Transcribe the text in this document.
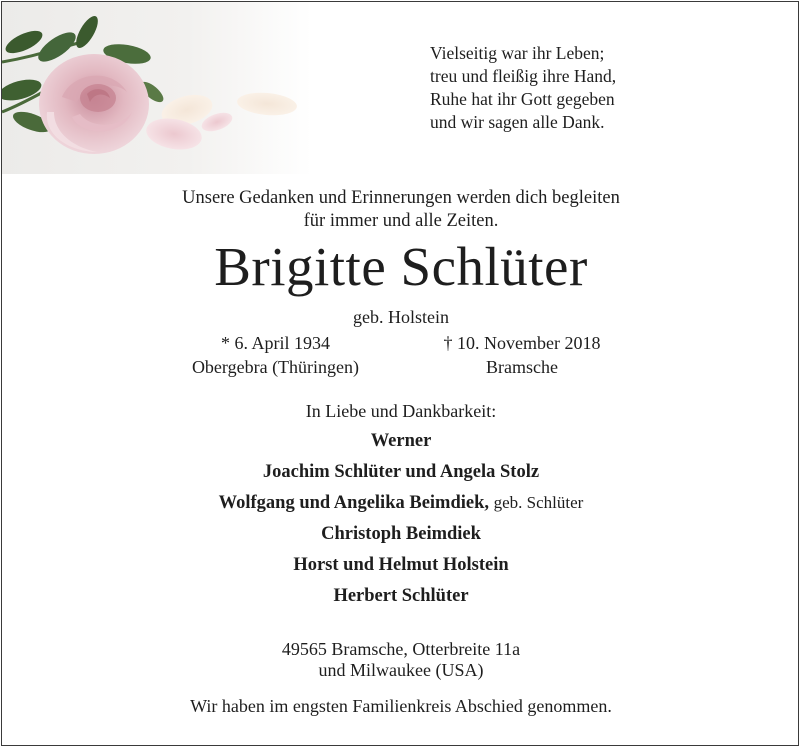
Vielseitig war ihr Leben;
treu und fleißig ihre Hand,
Ruhe hat ihr Gott gegeben
und wir sagen alle Dank.
Unsere Gedanken und Erinnerungen werden dich begleiten
für immer und alle Zeiten.
Brigitte Schlüter
geb. Holstein
* 6. April 1934
Obergebra (Thüringen)
† 10. November 2018
Bramsche
In Liebe und Dankbarkeit:
Werner
Joachim Schlüter und Angela Stolz
Wolfgang und Angelika Beimdiek, geb. Schlüter
Christoph Beimdiek
Horst und Helmut Holstein
Herbert Schlüter
49565 Bramsche, Otterbreite 11a
und Milwaukee (USA)
Wir haben im engsten Familienkreis Abschied genommen.
